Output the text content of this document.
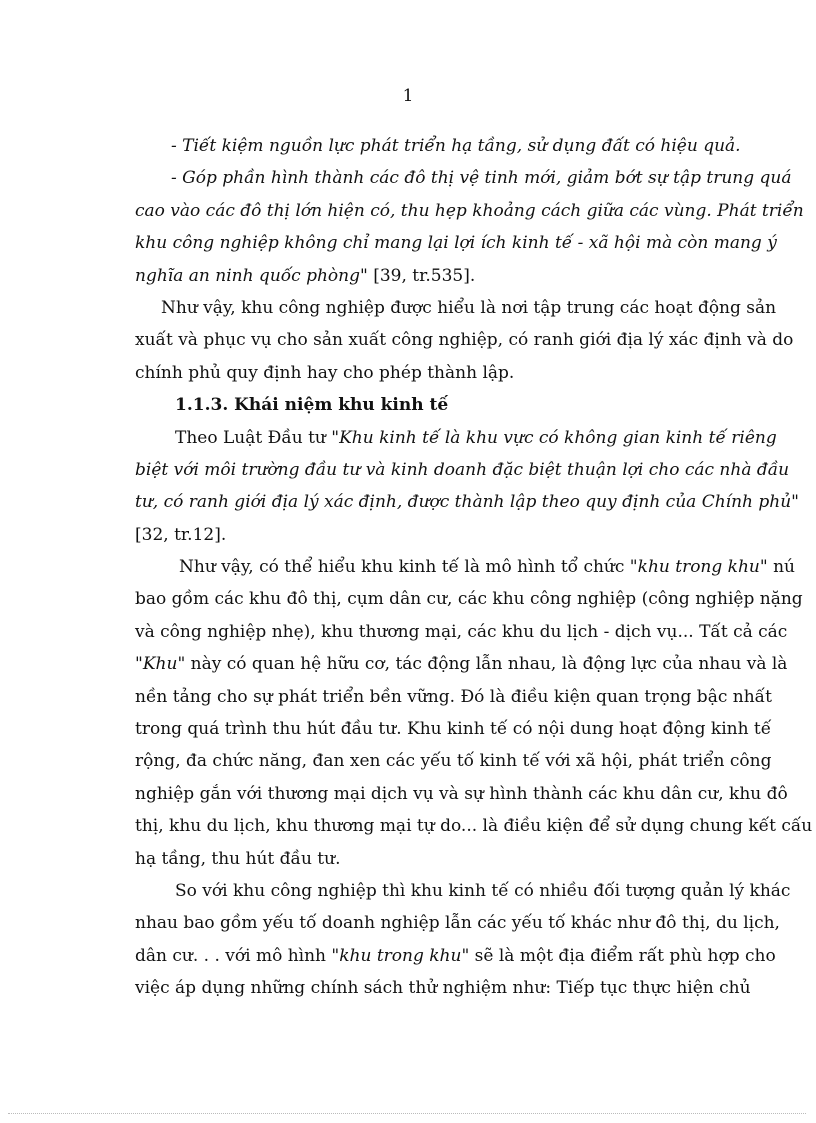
1
- Tiết kiệm nguồn lực phát triển hạ tầng, sử dụng đất có hiệu quả.
- Góp phần hình thành các đô thị vệ tinh mới, giảm bớt sự tập trung quá
cao vào các đô thị lớn hiện có, thu hẹp khoảng cách giữa các vùng. Phát triển
khu công nghiệp không chỉ mang lại lợi ích kinh tế - xã hội mà còn mang ý
nghĩa an ninh quốc phòng" [39, tr.535].
Như vậy, khu công nghiệp được hiểu là nơi tập trung các hoạt động sản
xuất và phục vụ cho sản xuất công nghiệp, có ranh giới địa lý xác định và do
chính phủ quy định hay cho phép thành lập.
1.1.3. Khái niệm khu kinh tế
Theo Luật Đầu tư "Khu kinh tế là khu vực có không gian kinh tế riêng
biệt với môi trường đầu tư và kinh doanh đặc biệt thuận lợi cho các nhà đầu
tư, có ranh giới địa lý xác định, được thành lập theo quy định của Chính phủ"
[32, tr.12].
Như vậy, có thể hiểu khu kinh tế là mô hình tổ chức "khu trong khu" nú
bao gồm các khu đô thị, cụm dân cư, các khu công nghiệp (công nghiệp nặng
và công nghiệp nhẹ), khu thương mại, các khu du lịch - dịch vụ... Tất cả các
"Khu" này có quan hệ hữu cơ, tác động lẫn nhau, là động lực của nhau và là
nền tảng cho sự phát triển bền vững. Đó là điều kiện quan trọng bậc nhất
trong quá trình thu hút đầu tư. Khu kinh tế có nội dung hoạt động kinh tế
rộng, đa chức năng, đan xen các yếu tố kinh tế với xã hội, phát triển công
nghiệp gắn với thương mại dịch vụ và sự hình thành các khu dân cư, khu đô
thị, khu du lịch, khu thương mại tự do... là điều kiện để sử dụng chung kết cấu
hạ tầng, thu hút đầu tư.
So với khu công nghiệp thì khu kinh tế có nhiều đối tượng quản lý khác
nhau bao gồm yếu tố doanh nghiệp lẫn các yếu tố khác như đô thị, du lịch,
dân cư. . . với mô hình "khu trong khu" sẽ là một địa điểm rất phù hợp cho
việc áp dụng những chính sách thử nghiệm như: Tiếp tục thực hiện chủ
